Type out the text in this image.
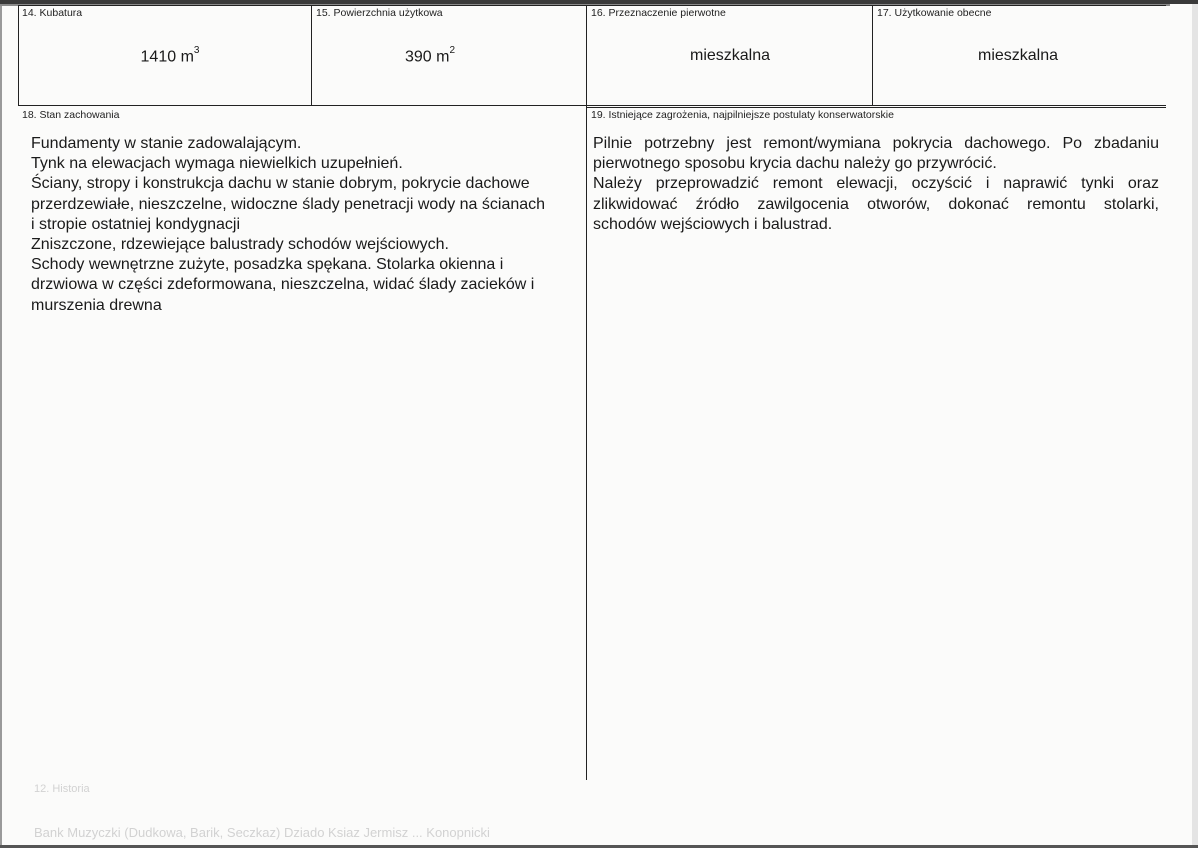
12. Historia
Bank Muzyczki (Dudkowa, Barik, Seczkaz) Dziado Ksiaz Jermisz ... Konopnicki
14. Kubatura
1410 $m^3$
15. Powierzchnia użytkowa
390 $m^2$
16. Przeznaczenie pierwotne
mieszkalna
17. Użytkowanie obecne
mieszkalna
18. Stan zachowania
Fundamenty w stanie zadowalającym.
Tynk na elewacjach wymaga niewielkich uzupełnień.
Ściany, stropy i konstrukcja dachu w stanie dobrym, pokrycie dachowe
przerdzewiałe, nieszczelne, widoczne ślady penetracji wody na ścianach
i stropie ostatniej kondygnacji
Zniszczone, rdzewiejące balustrady schodów wejściowych.
Schody wewnętrzne zużyte, posadzka spękana. Stolarka okienna i
drzwiowa w części zdeformowana, nieszczelna, widać ślady zacieków i
murszenia drewna
19. Istniejące zagrożenia, najpilniejsze postulaty konserwatorskie
Pilnie potrzebny jest remont/wymiana pokrycia dachowego. Po zbadaniu
pierwotnego sposobu krycia dachu należy go przywrócić.
Należy przeprowadzić remont elewacji, oczyścić i naprawić tynki oraz
zlikwidować źródło zawilgocenia otworów, dokonać remontu stolarki,
schodów wejściowych i balustrad.
